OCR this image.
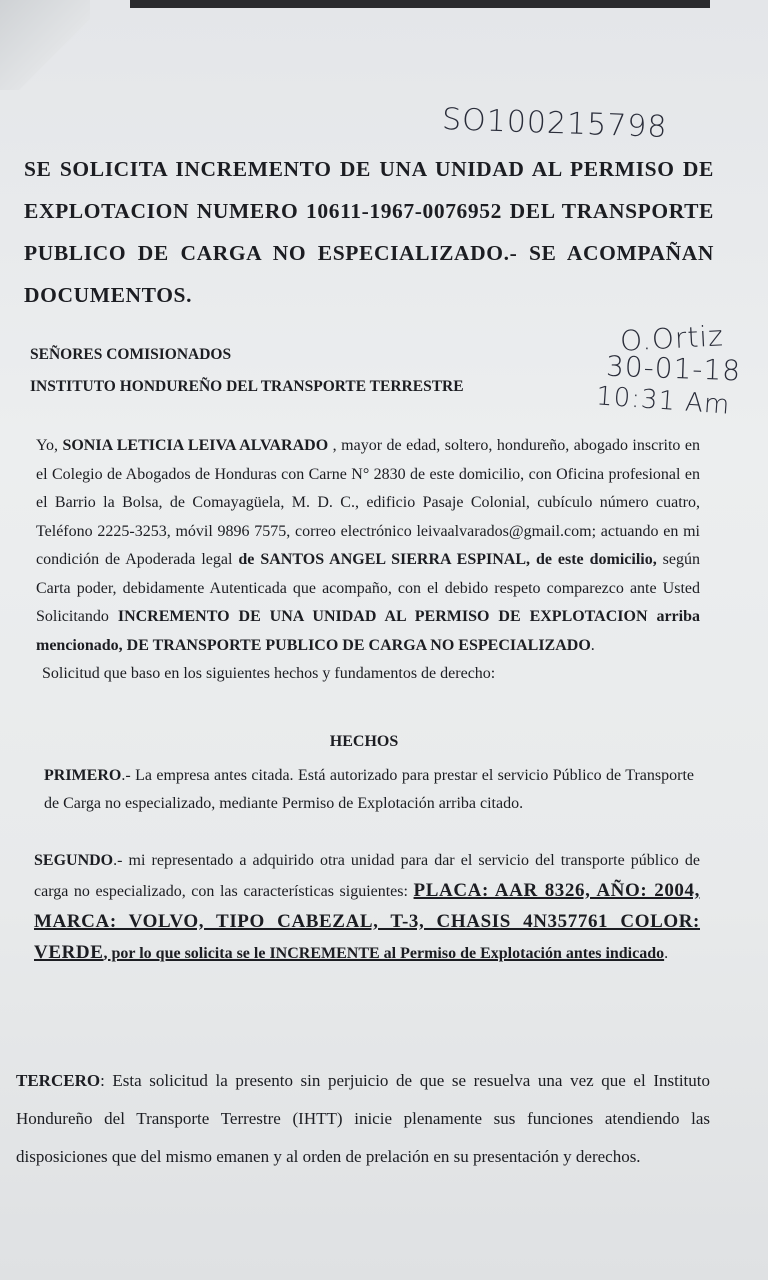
SO100215798
SE SOLICITA INCREMENTO DE UNA UNIDAD AL PERMISO DE EXPLOTACION NUMERO 10611-1967-0076952 DEL TRANSPORTE PUBLICO DE CARGA NO ESPECIALIZADO.- SE ACOMPAÑAN DOCUMENTOS.
SEÑORES COMISIONADOS
INSTITUTO HONDUREÑO DEL TRANSPORTE TERRESTRE
O.Ortiz
30-01-18
10:31 Am
Yo, SONIA LETICIA LEIVA ALVARADO , mayor de edad, soltero, hondureño, abogado inscrito en el Colegio de Abogados de Honduras con Carne N° 2830 de este domicilio, con Oficina profesional en el Barrio la Bolsa, de Comayagüela, M. D. C., edificio Pasaje Colonial, cubículo número cuatro, Teléfono 2225-3253, móvil 9896 7575, correo electrónico leivaalvarados@gmail.com; actuando en mi condición de Apoderada legal de SANTOS ANGEL SIERRA ESPINAL, de este domicilio, según Carta poder, debidamente Autenticada que acompaño, con el debido respeto comparezco ante Usted Solicitando INCREMENTO DE UNA UNIDAD AL PERMISO DE EXPLOTACION arriba mencionado, DE TRANSPORTE PUBLICO DE CARGA NO ESPECIALIZADO.
Solicitud que baso en los siguientes hechos y fundamentos de derecho:
HECHOS
PRIMERO.- La empresa antes citada. Está autorizado para prestar el servicio Público de Transporte de Carga no especializado, mediante Permiso de Explotación arriba citado.
SEGUNDO.- mi representado a adquirido otra unidad para dar el servicio del transporte público de carga no especializado, con las características siguientes: PLACA: AAR 8326, AÑO: 2004, MARCA: VOLVO, TIPO CABEZAL, T-3, CHASIS 4N357761 COLOR: VERDE, por lo que solicita se le INCREMENTE al Permiso de Explotación antes indicado.
TERCERO: Esta solicitud la presento sin perjuicio de que se resuelva una vez que el Instituto Hondureño del Transporte Terrestre (IHTT) inicie plenamente sus funciones atendiendo las disposiciones que del mismo emanen y al orden de prelación en su presentación y derechos.
